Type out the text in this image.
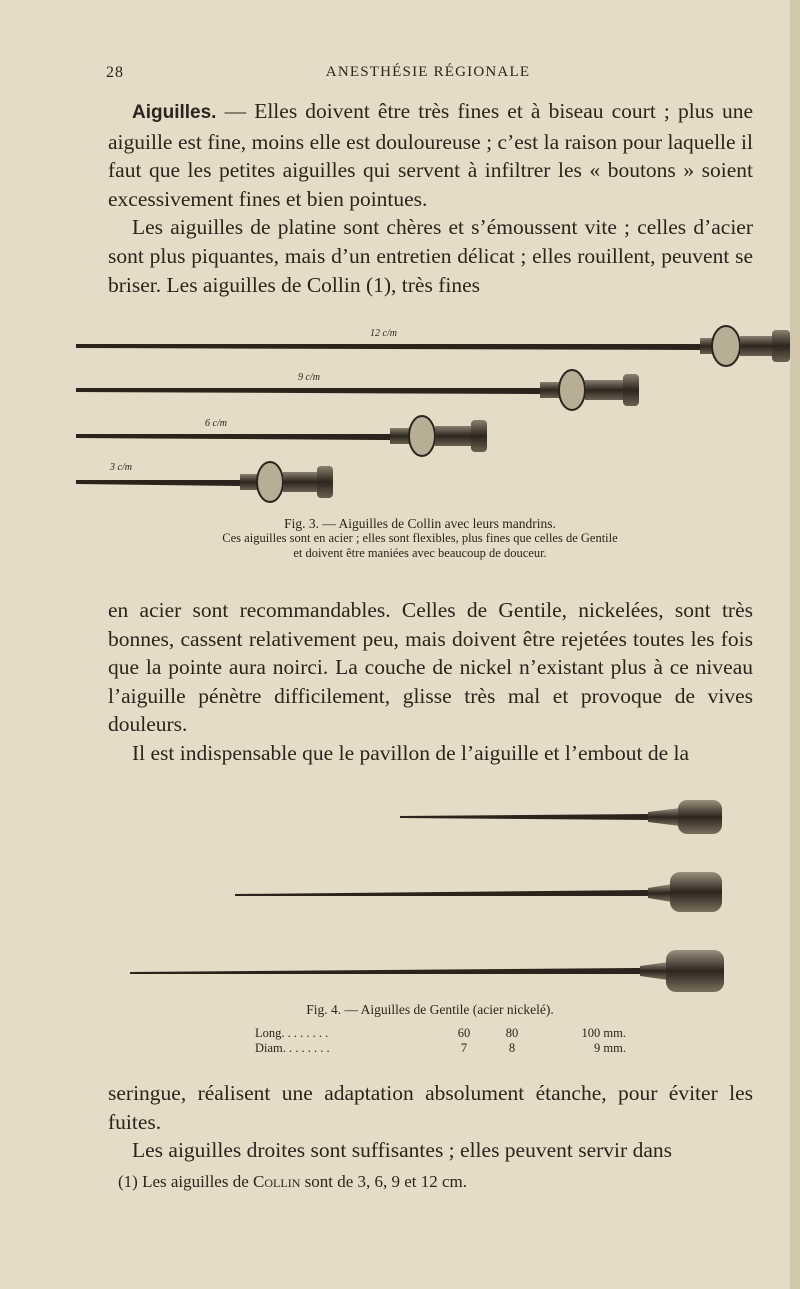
28	ANESTHÉSIE RÉGIONALE

Aiguilles. — Elles doivent être très fines et à biseau court ; plus une aiguille est fine, moins elle est douloureuse ; c’est la raison pour laquelle il faut que les petites aiguilles qui servent à infiltrer les « boutons » soient excessivement fines et bien pointues.

Les aiguilles de platine sont chères et s’émoussent vite ; celles d’acier sont plus piquantes, mais d’un entretien délicat ; elles rouillent, peuvent se briser. Les aiguilles de Collin (1), très fines

12 c/m
9 c/m
6 c/m
3 c/m
Fig. 3. — Aiguilles de Collin avec leurs mandrins.
Ces aiguilles sont en acier ; elles sont flexibles, plus fines que celles de Gentile
et doivent être maniées avec beaucoup de douceur.

en acier sont recommandables. Celles de Gentile, nickelées, sont très bonnes, cassent relativement peu, mais doivent être rejetées toutes les fois que la pointe aura noirci. La couche de nickel n’existant plus à ce niveau l’aiguille pénètre difficilement, glisse très mal et provoque de vives douleurs.

Il est indispensable que le pavillon de l’aiguille et l’embout de la

Fig. 4. — Aiguilles de Gentile (acier nickelé).
Long. . . . . . . .	60	80	100 mm.
Diam. . . . . . . .	7	8	9 mm.

seringue, réalisent une adaptation absolument étanche, pour éviter les fuites.

Les aiguilles droites sont suffisantes ; elles peuvent servir dans

(1) Les aiguilles de Collin sont de 3, 6, 9 et 12 cm.
